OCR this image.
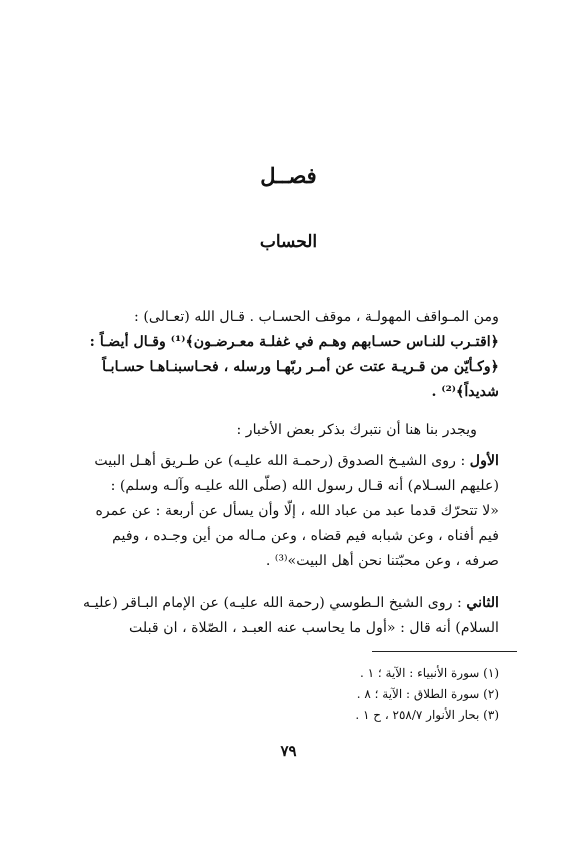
فصــل
الحساب
ومن المـواقف المهولـة ، موقف الحسـاب . قـال الله (تعـالى) :
﴿اقتـرب للنـاس حسـابهم وهـم في غفلـة معـرضـون﴾⁽¹⁾ وقـال أيضـاً :
﴿وكـأيّن من قـريـة عتت عن أمـر ربّهـا ورسله ، فحـاسبنـاهـا حسـابـاً
شديداً﴾⁽²⁾ .
ويجدر بنا هنا أن نتبرك بذكر بعض الأخبار :
الأول : روى الشيـخ الصدوق (رحمـة الله عليـه) عن طـريق أهـل البيت
(عليهم السـلام) أنه قـال رسول الله (صلّى الله عليـه وآلـه وسلم) :
«لا تتحرّك قدما عبد من عباد الله ، إلّا وأن يسأل عن أربعة : عن عمره
فيم أفناه ، وعن شبابه فيم قضاه ، وعن مـاله من أين وجـده ، وفيم
صرفه ، وعن محبّتنا نحن أهل البيت»⁽³⁾ .
الثاني : روى الشيخ الـطوسي (رحمة الله عليـه) عن الإمام البـاقر (عليـه
السلام) أنه قال : «أول ما يحاسب عنه العبـد ، الصّلاة ، ان قبلت
(١) سورة الأنبياء : الآية ؛ ١ .
(٢) سورة الطلاق : الآية ؛ ٨ .
(٣) بحار الأنوار ٢٥٨/٧ ، ح ١ .
٧٩
